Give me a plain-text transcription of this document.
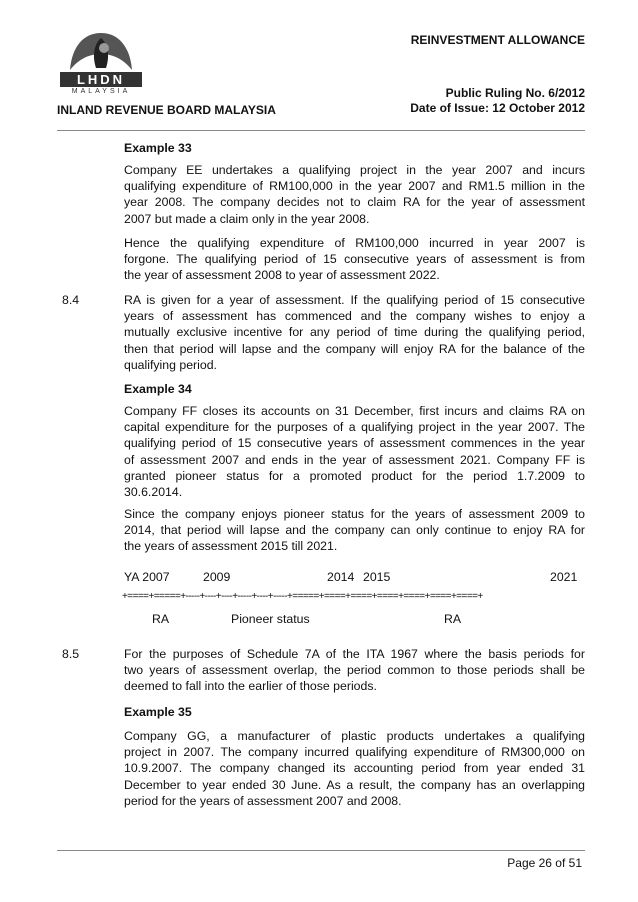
LHDN
MALAYSIA
REINVESTMENT ALLOWANCE
Public Ruling No. 6/2012
Date of Issue: 12 October 2012
INLAND REVENUE BOARD MALAYSIA
Example 33
Company EE undertakes a qualifying project in the year 2007 and incurs
qualifying expenditure of RM100,000 in the year 2007 and RM1.5 million in the
year 2008. The company decides not to claim RA for the year of assessment
2007 but made a claim only in the year 2008.
Hence the qualifying expenditure of RM100,000 incurred in year 2007 is
forgone. The qualifying period of 15 consecutive years of assessment is from
the year of assessment 2008 to year of assessment 2022.
8.4	RA is given for a year of assessment. If the qualifying period of 15 consecutive
years of assessment has commenced and the company wishes to enjoy a
mutually exclusive incentive for any period of time during the qualifying period,
then that period will lapse and the company will enjoy RA for the balance of the
qualifying period.
Example 34
Company FF closes its accounts on 31 December, first incurs and claims RA on
capital expenditure for the purposes of a qualifying project in the year 2007. The
qualifying period of 15 consecutive years of assessment commences in the year
of assessment 2007 and ends in the year of assessment 2021. Company FF is
granted pioneer status for a promoted product for the period 1.7.2009 to
30.6.2014.
Since the company enjoys pioneer status for the years of assessment 2009 to
2014, that period will lapse and the company can only continue to enjoy RA for
the years of assessment 2015 till 2021.
YA 2007	2009	2014 2015	2021
+====+=====+-----+----+----+-----+----+-----+=====+====+====+====+====+====+====+
RA	Pioneer status	RA
8.5	For the purposes of Schedule 7A of the ITA 1967 where the basis periods for
two years of assessment overlap, the period common to those periods shall be
deemed to fall into the earlier of those periods.
Example 35
Company GG, a manufacturer of plastic products undertakes a qualifying
project in 2007. The company incurred qualifying expenditure of RM300,000 on
10.9.2007. The company changed its accounting period from year ended 31
December to year ended 30 June. As a result, the company has an overlapping
period for the years of assessment 2007 and 2008.
Page 26 of 51
